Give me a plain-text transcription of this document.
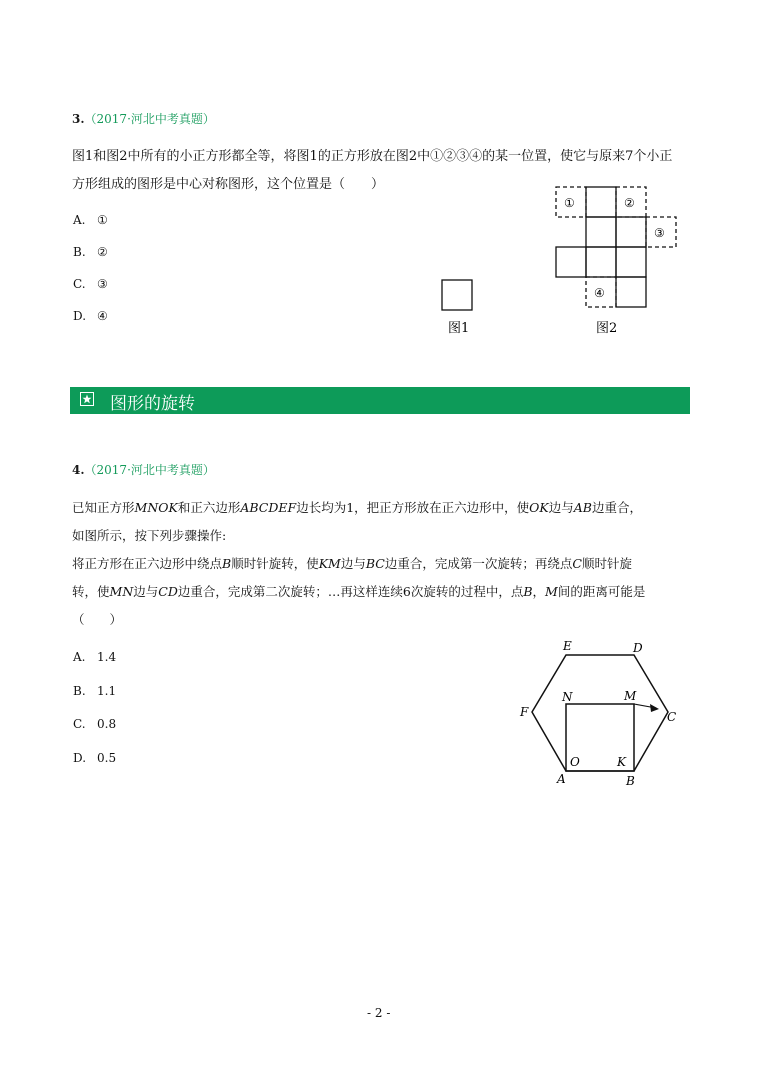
3.（2017·河北中考真题）
图1和图2中所有的小正方形都全等，将图1的正方形放在图2中①②③④的某一位置，使它与原来7个小正
方形组成的图形是中心对称图形，这个位置是（　　）
A. ①
B. ②
C. ③
D. ④
图1
①	②
③
④
图2
图形的旋转
4.（2017·河北中考真题）
已知正方形MNOK和正六边形ABCDEF边长均为1，把正方形放在正六边形中，使OK边与AB边重合，
如图所示，按下列步骤操作:
将正方形在正六边形中绕点B顺时针旋转，使KM边与BC边重合，完成第一次旋转；再绕点C顺时针旋
转，使MN边与CD边重合，完成第二次旋转；…再这样连续6次旋转的过程中，点B，M间的距离可能是
（　　）
A. 1.4
B. 1.1
C. 0.8
D. 0.5
E	D
F	C
A	B
N	M
O	K
- 2 -
